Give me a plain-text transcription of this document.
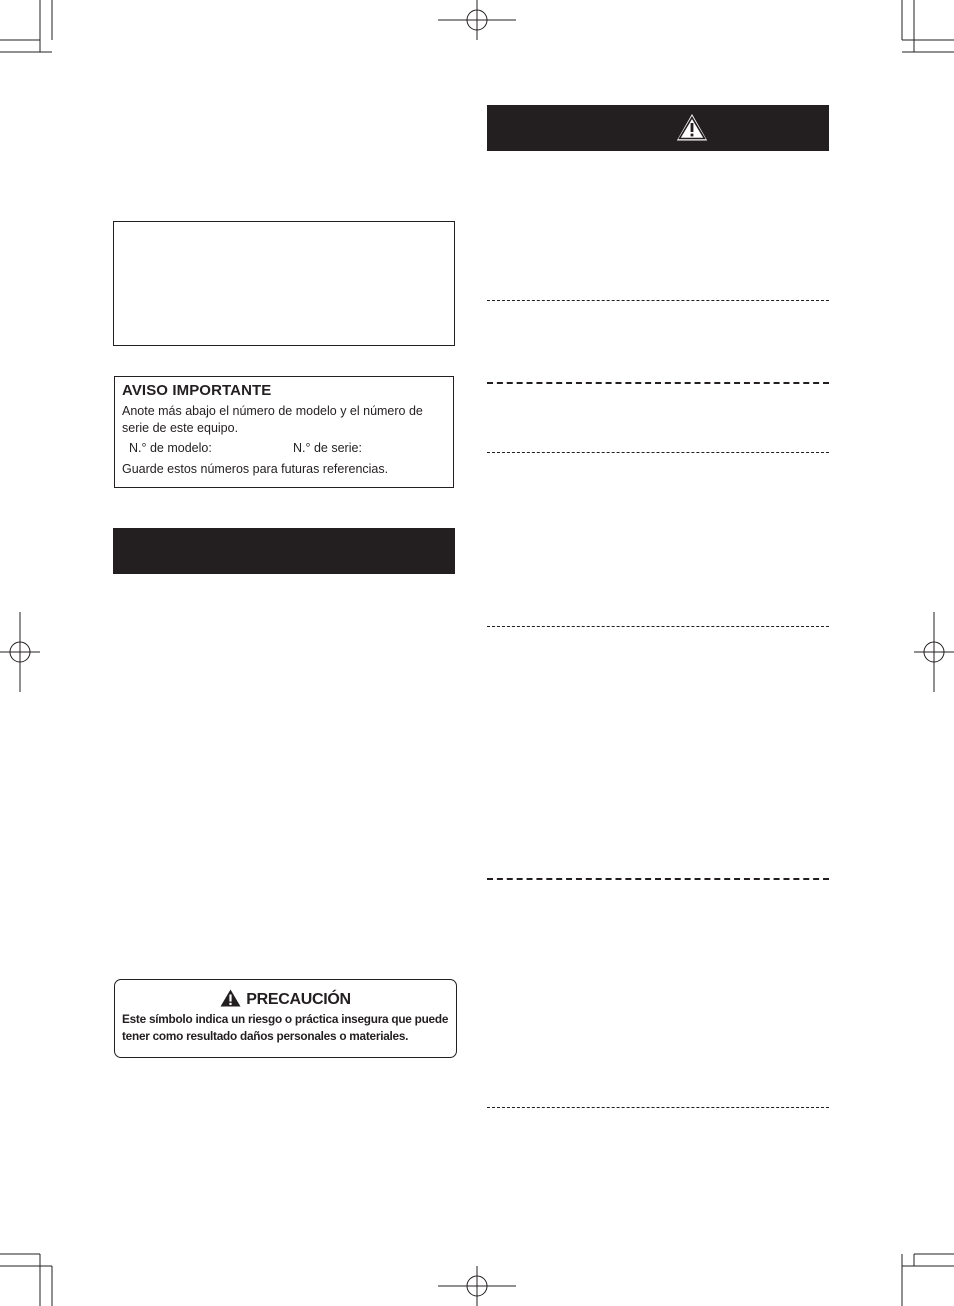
AVISO IMPORTANTE
Anote más abajo el número de modelo y el número de serie de este equipo.
N.° de modelo:	N.° de serie:
Guarde estos números para futuras referencias.
PRECAUCIÓN
Este símbolo indica un riesgo o práctica insegura que puede tener como resultado daños personales o materiales.
